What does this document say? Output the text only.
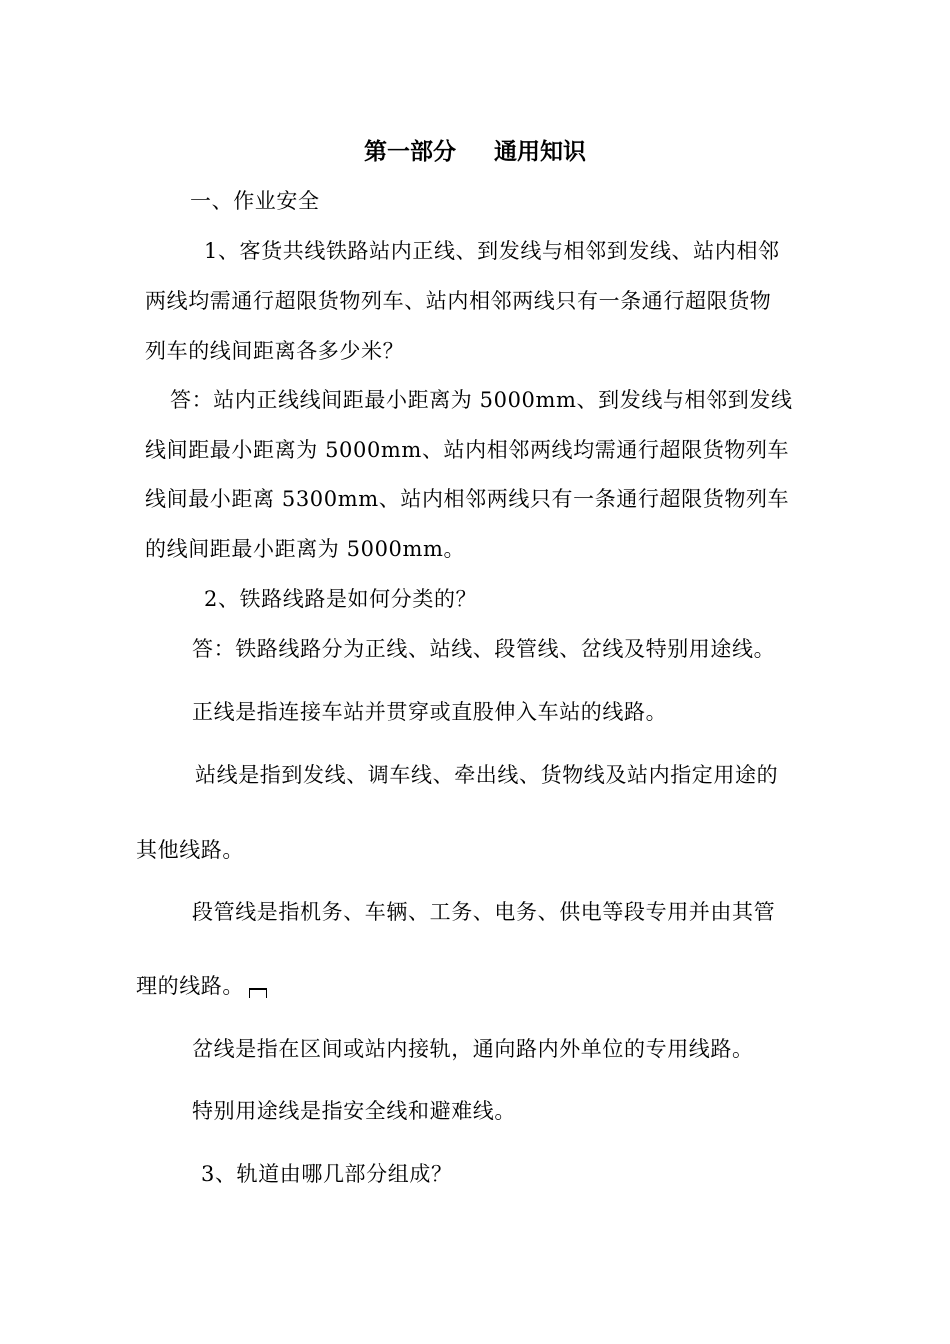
第一部分 通用知识
一、作业安全
1、客货共线铁路站内正线、到发线与相邻到发线、站内相邻
两线均需通行超限货物列车、站内相邻两线只有一条通行超限货物
列车的线间距离各多少米？
答：站内正线线间距最小距离为 5000mm、到发线与相邻到发线
线间距最小距离为 5000mm、站内相邻两线均需通行超限货物列车
线间最小距离 5300mm、站内相邻两线只有一条通行超限货物列车
的线间距最小距离为 5000mm。
2、铁路线路是如何分类的？
答：铁路线路分为正线、站线、段管线、岔线及特别用途线。
正线是指连接车站并贯穿或直股伸入车站的线路。
站线是指到发线、调车线、牵出线、货物线及站内指定用途的
其他线路。
段管线是指机务、车辆、工务、电务、供电等段专用并由其管
理的线路。
岔线是指在区间或站内接轨，通向路内外单位的专用线路。
特别用途线是指安全线和避难线。
3、轨道由哪几部分组成？
